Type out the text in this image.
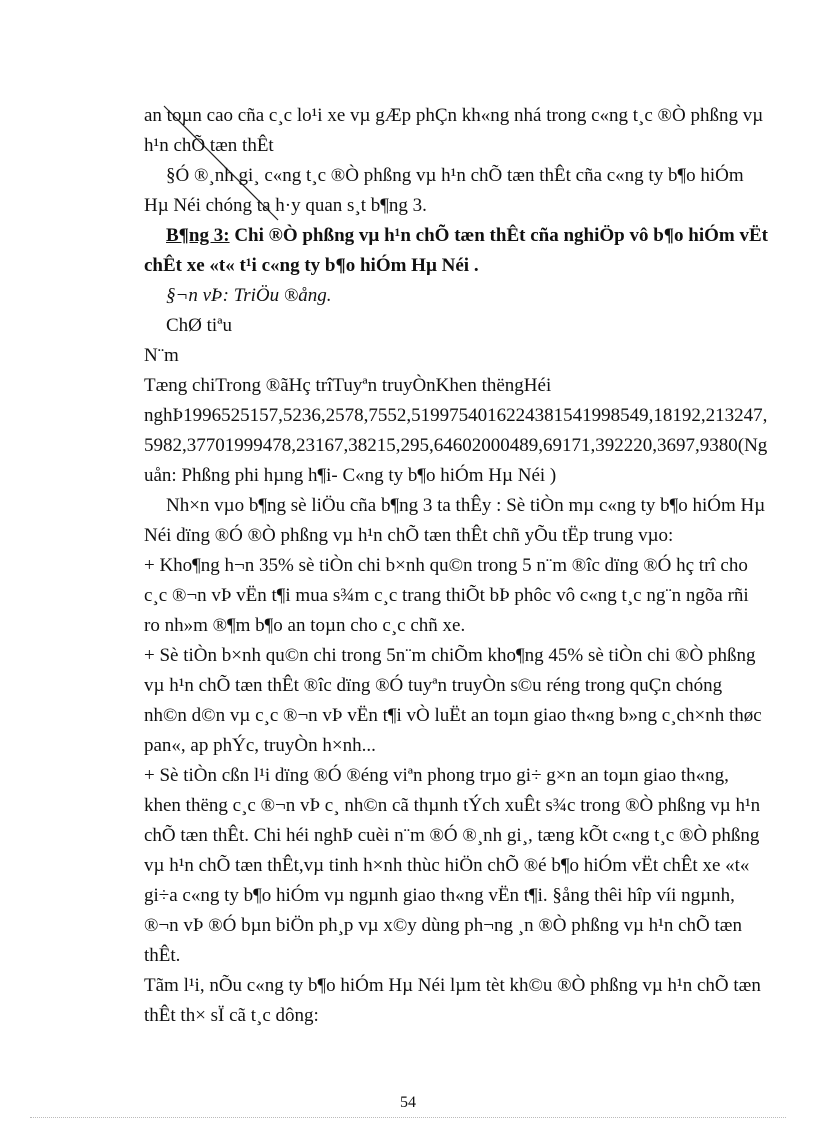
an toµn cao cña c¸c lo¹i xe vµ gÆp phÇn kh«ng nhá trong c«ng t¸c ®Ò phßng vµ
h¹n chÕ tæn thÊt
§Ó ®¸nh gi¸ c«ng t¸c ®Ò phßng vµ h¹n chÕ tæn thÊt cña c«ng ty b¶o hiÓm
Hµ Néi chóng ta h·y quan s¸t b¶ng 3.
B¶ng 3: Chi ®Ò phßng vµ h¹n chÕ tæn thÊt cña nghiÖp vô b¶o hiÓm vËt
chÊt xe «t« t¹i c«ng ty b¶o hiÓm Hµ Néi .
§¬n vÞ: TriÖu ®ång.
ChØ tiªu
N¨m
Tæng chiTrong ®ãHç trîTuyªn truyÒnKhen thëngHéi
nghÞ1996525157,5236,2578,7552,5199754016224381541998549,18192,213247,
5982,37701999478,23167,38215,295,64602000489,69171,392220,3697,9380(Ng
uån: Phßng phi hµng h¶i- C«ng ty b¶o hiÓm Hµ Néi )
Nh×n vµo b¶ng sè liÖu cña b¶ng 3 ta thÊy : Sè tiÒn mµ c«ng ty b¶o hiÓm Hµ
Néi dïng ®Ó ®Ò phßng vµ h¹n chÕ tæn thÊt chñ yÕu tËp trung vµo:
+ Kho¶ng h¬n 35% sè tiÒn chi b×nh qu©n trong 5 n¨m ®îc dïng ®Ó hç trî cho
c¸c ®¬n vÞ vËn t¶i mua s¾m c¸c trang thiÕt bÞ phôc vô c«ng t¸c ng¨n ngõa rñi
ro nh»m ®¶m b¶o an toµn cho c¸c chñ xe.
+ Sè tiÒn b×nh qu©n chi trong 5n¨m chiÕm kho¶ng 45% sè tiÒn chi ®Ò phßng
vµ h¹n chÕ tæn thÊt ®îc dïng ®Ó tuyªn truyÒn s©u réng trong quÇn chóng
nh©n d©n vµ c¸c ®¬n vÞ vËn t¶i vÒ luËt an toµn giao th«ng b»ng c¸ch×nh thøc
pan«, ap phÝc, truyÒn h×nh...
+ Sè tiÒn cßn l¹i dïng ®Ó ®éng viªn phong trµo gi÷ g×n an toµn giao th«ng,
khen thëng c¸c ®¬n vÞ c¸ nh©n cã thµnh tÝch xuÊt s¾c trong ®Ò phßng vµ h¹n
chÕ tæn thÊt. Chi héi nghÞ cuèi n¨m ®Ó ®¸nh gi¸, tæng kÕt c«ng t¸c ®Ò phßng
vµ h¹n chÕ tæn thÊt,vµ tinh h×nh thùc hiÖn chÕ ®é b¶o hiÓm vËt chÊt xe «t«
gi÷a c«ng ty b¶o hiÓm vµ ngµnh giao th«ng vËn t¶i. §ång thêi hîp víi ngµnh,
®¬n vÞ ®Ó bµn biÖn ph¸p vµ x©y dùng ph¬ng ¸n ®Ò phßng vµ h¹n chÕ tæn
thÊt.
Tãm l¹i, nÕu c«ng ty b¶o hiÓm Hµ Néi lµm tèt kh©u ®Ò phßng vµ h¹n chÕ tæn
thÊt th× sÏ cã t¸c dông:
54
